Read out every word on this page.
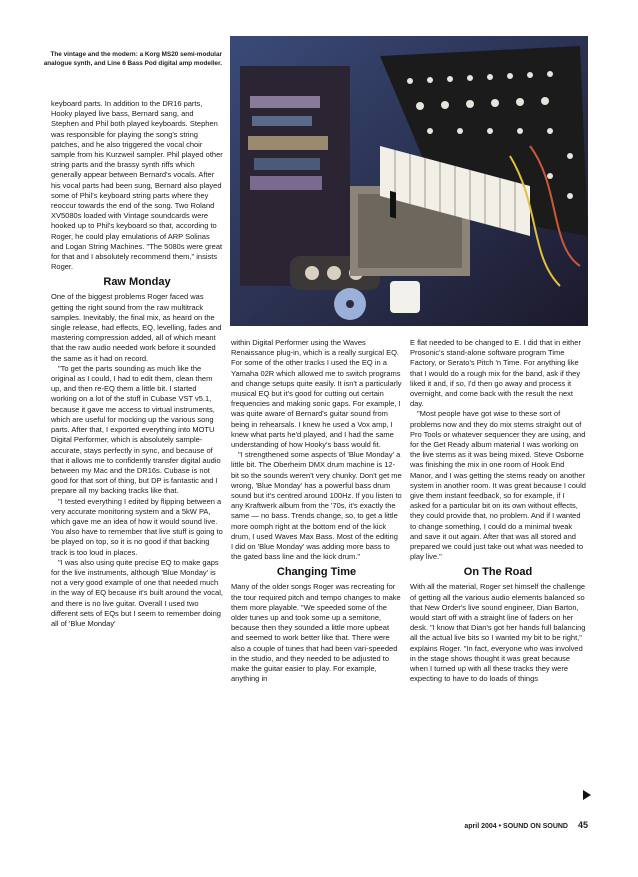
The vintage and the modern: a Korg MS20 semi-modular analogue synth, and Line 6 Bass Pod digital amp modeller.

keyboard parts. In addition to the DR16 parts, Hooky played live bass, Bernard sang, and Stephen and Phil both played keyboards. Stephen was responsible for playing the song's string patches, and he also triggered the vocal choir sample from his Kurzweil sampler. Phil played other string parts and the brassy synth riffs which generally appear between Bernard's vocals. After his vocal parts had been sung, Bernard also played some of Phil's keyboard string parts where they reoccur towards the end of the song. Two Roland XV5080s loaded with Vintage soundcards were hooked up to Phil's keyboard so that, according to Roger, he could play emulations of ARP Solinas and Logan String Machines. "The 5080s were great for that and I absolutely recommend them," insists Roger.

Raw Monday

One of the biggest problems Roger faced was getting the right sound from the raw multitrack samples. Inevitably, the final mix, as heard on the single release, had effects, EQ, levelling, fades and mastering compression added, all of which meant that the raw audio needed work before it sounded the same as it had on record.

"To get the parts sounding as much like the original as I could, I had to edit them, clean them up, and then re-EQ them a little bit. I started working on a lot of the stuff in Cubase VST v5.1, because it gave me access to virtual instruments, which are useful for mocking up the various song parts. After that, I exported everything into MOTU Digital Performer, which is absolutely sample-accurate, stays perfectly in sync, and because of that it allows me to confidently transfer digital audio between my Mac and the DR16s. Cubase is not good for that sort of thing, but DP is fantastic and I prepare all my backing tracks like that.

"I tested everything I edited by flipping between a very accurate monitoring system and a 5kW PA, which gave me an idea of how it would sound live. You also have to remember that live stuff is going to be played on top, so it is no good if that backing track is too loud in places.

"I was also using quite precise EQ to make gaps for the live instruments, although 'Blue Monday' is not a very good example of one that needed much in the way of EQ because it's built around the vocal, and there is no live guitar. Overall I used two different sets of EQs but I seem to remember doing all of 'Blue Monday'

within Digital Performer using the Waves Renaissance plug-in, which is a really surgical EQ. For some of the other tracks I used the EQ in a Yamaha 02R which allowed me to switch programs and change setups quite easily. It isn't a particularly musical EQ but it's good for cutting out certain frequencies and making sonic gaps. For example, I was quite aware of Bernard's guitar sound from being in rehearsals. I knew he used a Vox amp, I knew what parts he'd played, and I had the same understanding of how Hooky's bass would fit.

"I strengthened some aspects of 'Blue Monday' a little bit. The Oberheim DMX drum machine is 12-bit so the sounds weren't very chunky. Don't get me wrong, 'Blue Monday' has a powerful bass drum sound but it's centred around 100Hz. If you listen to any Kraftwerk album from the '70s, it's exactly the same — no bass. Trends change, so, to get a little more oomph right at the bottom end of the kick drum, I used Waves Max Bass. Most of the editing I did on 'Blue Monday' was adding more bass to the gated bass line and the kick drum."

Changing Time

Many of the older songs Roger was recreating for the tour required pitch and tempo changes to make them more playable. "We speeded some of the older tunes up and took some up a semitone, because then they sounded a little more upbeat and seemed to work better like that. There were also a couple of tunes that had been vari-speeded in the studio, and they needed to be adjusted to make the guitar easier to play. For example, anything in

E flat needed to be changed to E. I did that in either Prosonic's stand-alone software program Time Factory, or Serato's Pitch 'n Time. For anything like that I would do a rough mix for the band, ask if they liked it and, if so, I'd then go away and process it overnight, and come back with the result the next day.

"Most people have got wise to these sort of problems now and they do mix stems straight out of Pro Tools or whatever sequencer they are using, and for the Get Ready album material I was working on the live stems as it was being mixed. Steve Osborne was finishing the mix in one room of Hook End Manor, and I was getting the stems ready on another system in another room. It was great because I could give them instant feedback, so for example, if I asked for a particular bit on its own without effects, they could provide that, no problem. And if I wanted to change something, I could do a minimal tweak and save it out again. After that was all stored and prepared we could just take out what was needed to play live."

On The Road

With all the material, Roger set himself the challenge of getting all the various audio elements balanced so that New Order's live sound engineer, Dian Barton, would start off with a straight line of faders on her desk. "I know that Dian's got her hands full balancing all the actual live bits so I wanted my bit to be right," explains Roger. "In fact, everyone who was involved in the stage shows thought it was great because when I turned up with all these tracks they were expecting to have to do loads of things

april 2004 • SOUND ON SOUND 45
